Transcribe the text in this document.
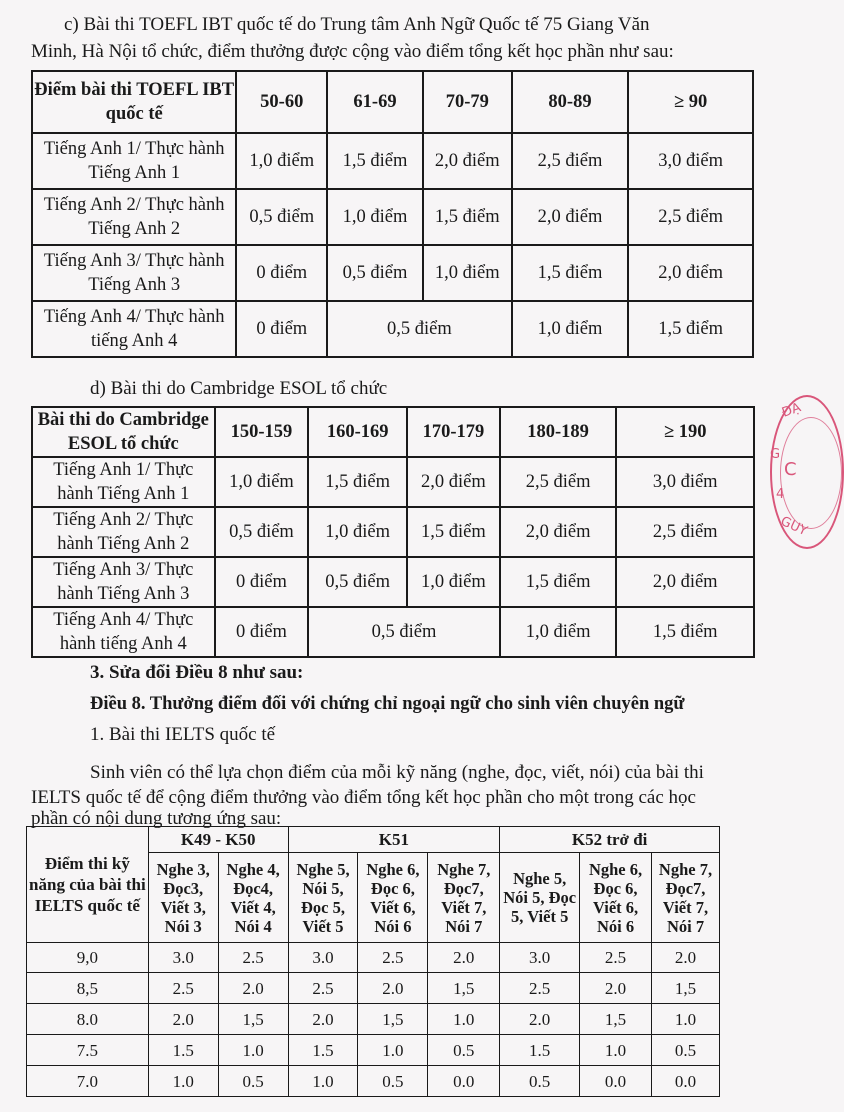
c) Bài thi TOEFL IBT quốc tế do Trung tâm Anh Ngữ Quốc tế 75 Giang Văn
Minh, Hà Nội tổ chức, điểm thưởng được cộng vào điểm tổng kết học phần như sau:
Điểm bài thi TOEFL IBT quốc tế	50-60	61-69	70-79	80-89	≥ 90
Tiếng Anh 1/ Thực hành Tiếng Anh 1	1,0 điểm	1,5 điểm	2,0 điểm	2,5 điểm	3,0 điểm
Tiếng Anh 2/ Thực hành Tiếng Anh 2	0,5 điểm	1,0 điểm	1,5 điểm	2,0 điểm	2,5 điểm
Tiếng Anh 3/ Thực hành Tiếng Anh 3	0 điểm	0,5 điểm	1,0 điểm	1,5 điểm	2,0 điểm
Tiếng Anh 4/ Thực hành tiếng Anh 4	0 điểm	0,5 điểm		1,0 điểm	1,5 điểm
d) Bài thi do Cambridge ESOL tổ chức
Bài thi do Cambridge ESOL tổ chức	150-159	160-169	170-179	180-189	≥ 190
Tiếng Anh 1/ Thực hành Tiếng Anh 1	1,0 điểm	1,5 điểm	2,0 điểm	2,5 điểm	3,0 điểm
Tiếng Anh 2/ Thực hành Tiếng Anh 2	0,5 điểm	1,0 điểm	1,5 điểm	2,0 điểm	2,5 điểm
Tiếng Anh 3/ Thực hành Tiếng Anh 3	0 điểm	0,5 điểm	1,0 điểm	1,5 điểm	2,0 điểm
Tiếng Anh 4/ Thực hành tiếng Anh 4	0 điểm	0,5 điểm		1,0 điểm	1,5 điểm
3. Sửa đổi Điều 8 như sau:
Điều 8. Thưởng điểm đối với chứng chỉ ngoại ngữ cho sinh viên chuyên ngữ
1. Bài thi IELTS quốc tế
Sinh viên có thể lựa chọn điểm của mỗi kỹ năng (nghe, đọc, viết, nói) của bài thi
IELTS quốc tế để cộng điểm thưởng vào điểm tổng kết học phần cho một trong các học
phần có nội dung tương ứng sau:
Điểm thi kỹ năng của bài thi IELTS quốc tế	K49 - K50		K51			K52 trở đi		
	Nghe 3, Đọc3, Viết 3, Nói 3	Nghe 4, Đọc4, Viết 4, Nói 4	Nghe 5, Nói 5, Đọc 5, Viết 5	Nghe 6, Đọc 6, Viết 6, Nói 6	Nghe 7, Đọc7, Viết 7, Nói 7	Nghe 5, Nói 5, Đọc 5, Viết 5	Nghe 6, Đọc 6, Viết 6, Nói 6	Nghe 7, Đọc7, Viết 7, Nói 7
9,0	3.0	2.5	3.0	2.5	2.0	3.0	2.5	2.0
8,5	2.5	2.0	2.5	2.0	1,5	2.5	2.0	1,5
8.0	2.0	1,5	2.0	1,5	1.0	2.0	1,5	1.0
7.5	1.5	1.0	1.5	1.0	0.5	1.5	1.0	0.5
7.0	1.0	0.5	1.0	0.5	0.0	0.5	0.0	0.0
ĐẠ
G
C
4
GUY
